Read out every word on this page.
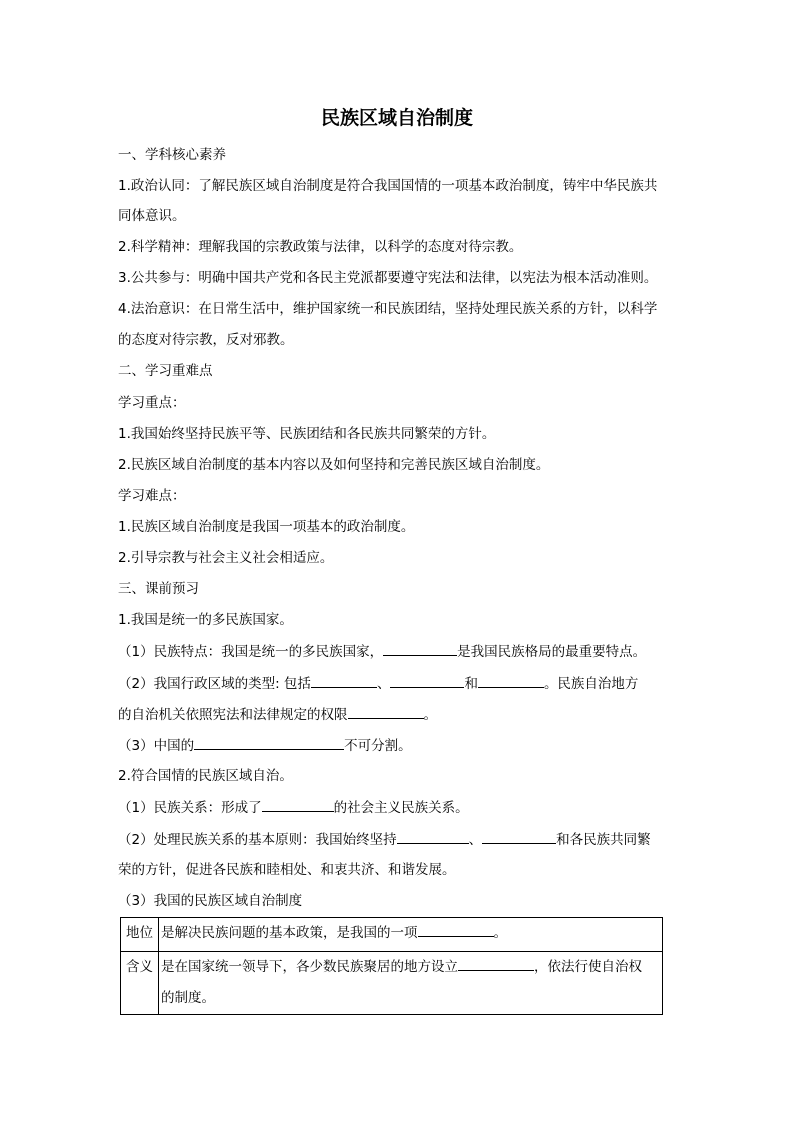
民族区域自治制度
一、学科核心素养
1.政治认同：了解民族区域自治制度是符合我国国情的一项基本政治制度，铸牢中华民族共
同体意识。
2.科学精神：理解我国的宗教政策与法律，以科学的态度对待宗教。
3.公共参与：明确中国共产党和各民主党派都要遵守宪法和法律，以宪法为根本活动准则。
4.法治意识：在日常生活中，维护国家统一和民族团结，坚持处理民族关系的方针，以科学
的态度对待宗教，反对邪教。
二、学习重难点
学习重点：
1.我国始终坚持民族平等、民族团结和各民族共同繁荣的方针。
2.民族区域自治制度的基本内容以及如何坚持和完善民族区域自治制度。
学习难点：
1.民族区域自治制度是我国一项基本的政治制度。
2.引导宗教与社会主义社会相适应。
三、课前预习
1.我国是统一的多民族国家。
（1）民族特点：我国是统一的多民族国家，	是我国民族格局的最重要特点。
（2）我国行政区域的类型: 包括	、	和	。民族自治地方
的自治机关依照宪法和法律规定的权限	。
（3）中国的	不可分割。
2.符合国情的民族区域自治。
（1）民族关系：形成了	的社会主义民族关系。
（2）处理民族关系的基本原则：我国始终坚持	、	和各民族共同繁
荣的方针，促进各民族和睦相处、和衷共济、和谐发展。
（3）我国的民族区域自治制度
地位	是解决民族问题的基本政策，是我国的一项 。
含义	是在国家统一领导下，各少数民族聚居的地方设立 ，依法行使自治权
的制度。
